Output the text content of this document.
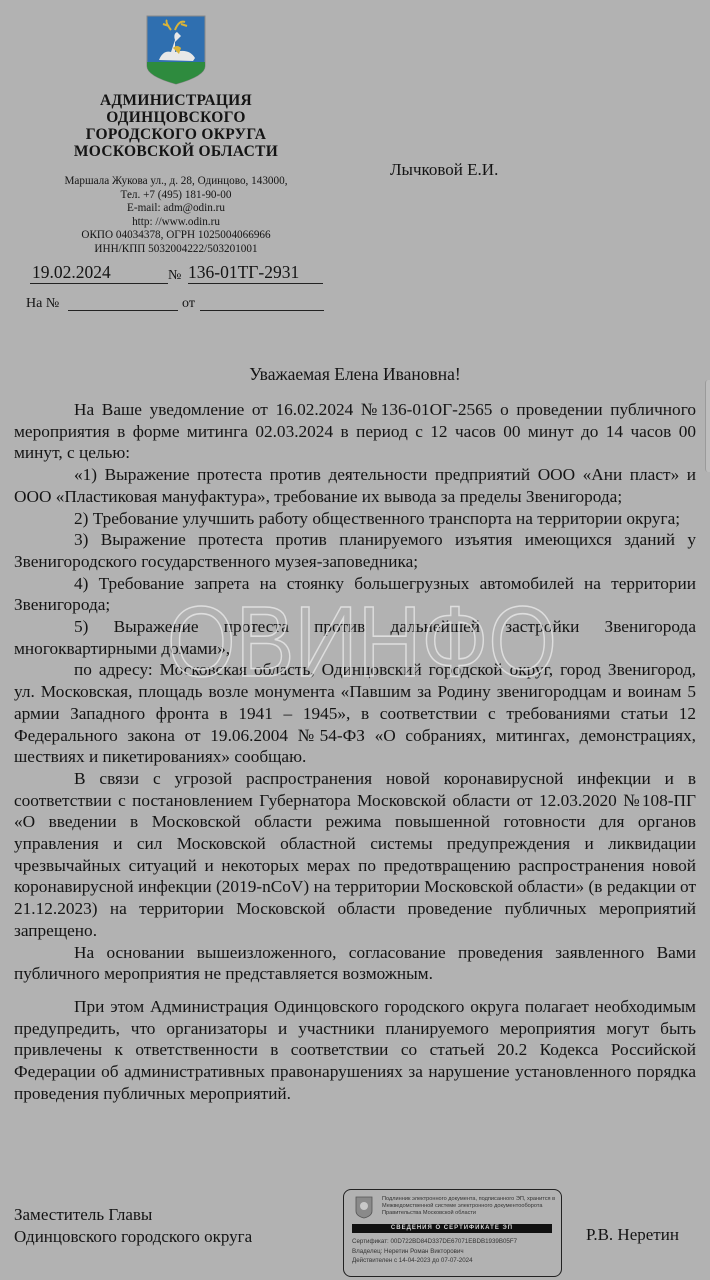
АДМИНИСТРАЦИЯ
ОДИНЦОВСКОГО
ГОРОДСКОГО ОКРУГА
МОСКОВСКОЙ ОБЛАСТИ
Маршала Жукова ул., д. 28, Одинцово, 143000,
Тел. +7 (495) 181-90-00
E-mail: adm@odin.ru
http: //www.odin.ru
ОКПО 04034378, ОГРН 1025004066966
ИНН/КПП 5032004222/503201001
Лычковой Е.И.
19.02.2024	№ 136-01ТГ-2931
На №	от
Уважаемая Елена Ивановна!

На Ваше уведомление от 16.02.2024 №136-01ОГ-2565 о проведении публичного мероприятия в форме митинга 02.03.2024 в период с 12 часов 00 минут до 14 часов 00 минут, с целью:

«1) Выражение протеста против деятельности предприятий ООО «Ани пласт» и ООО «Пластиковая мануфактура», требование их вывода за пределы Звенигорода;

2) Требование улучшить работу общественного транспорта на территории округа;

3) Выражение протеста против планируемого изъятия имеющихся зданий у Звенигородского государственного музея-заповедника;

4) Требование запрета на стоянку большегрузных автомобилей на территории Звенигорода;

5) Выражение протеста против дальнейшей застройки Звенигорода многоквартирными домами»,

по адресу: Московская область, Одинцовский городской округ, город Звенигород, ул. Московская, площадь возле монумента «Павшим за Родину звенигородцам и воинам 5 армии Западного фронта в 1941 – 1945», в соответствии с требованиями статьи 12 Федерального закона от 19.06.2004 №54-ФЗ «О собраниях, митингах, демонстрациях, шествиях и пикетированиях» сообщаю.

В связи с угрозой распространения новой коронавирусной инфекции и в соответствии с постановлением Губернатора Московской области от 12.03.2020 №108-ПГ «О введении в Московской области режима повышенной готовности для органов управления и сил Московской областной системы предупреждения и ликвидации чрезвычайных ситуаций и некоторых мерах по предотвращению распространения новой коронавирусной инфекции (2019-nCoV) на территории Московской области» (в редакции от 21.12.2023) на территории Московской области проведение публичных мероприятий запрещено.

На основании вышеизложенного, согласование проведения заявленного Вами публичного мероприятия не представляется возможным.

При этом Администрация Одинцовского городского округа полагает необходимым предупредить, что организаторы и участники планируемого мероприятия могут быть привлечены к ответственности в соответствии со статьей 20.2 Кодекса Российской Федерации об административных правонарушениях за нарушение установленного порядка проведения публичных мероприятий.

ОВИНФО
Заместитель Главы
Одинцовского городского округа
Подлинник электронного документа, подписанного ЭП, хранится в Межведомственной системе электронного документооборота Правительства Московской области
СВЕДЕНИЯ О СЕРТИФИКАТЕ ЭП
Сертификат: 00D722BD84D337DE67071EBDB1939B05F7
Владелец: Неретин Роман Викторович
Действителен с 14-04-2023 до 07-07-2024
Р.В. Неретин
